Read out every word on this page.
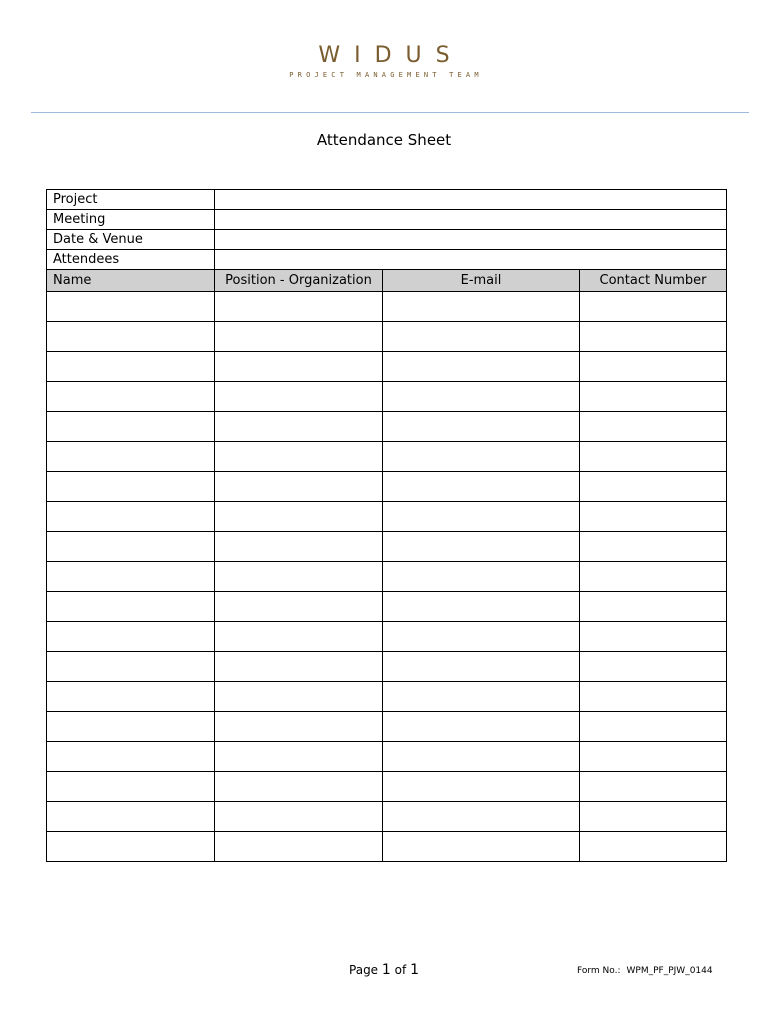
WIDUS
PROJECT MANAGEMENT TEAM
Attendance Sheet
Project			
Meeting			
Date & Venue			
Attendees			
Name	Position - Organization	E-mail	Contact Number

Page 1 of 1	Form No.: WPM_PF_PJW_0144
